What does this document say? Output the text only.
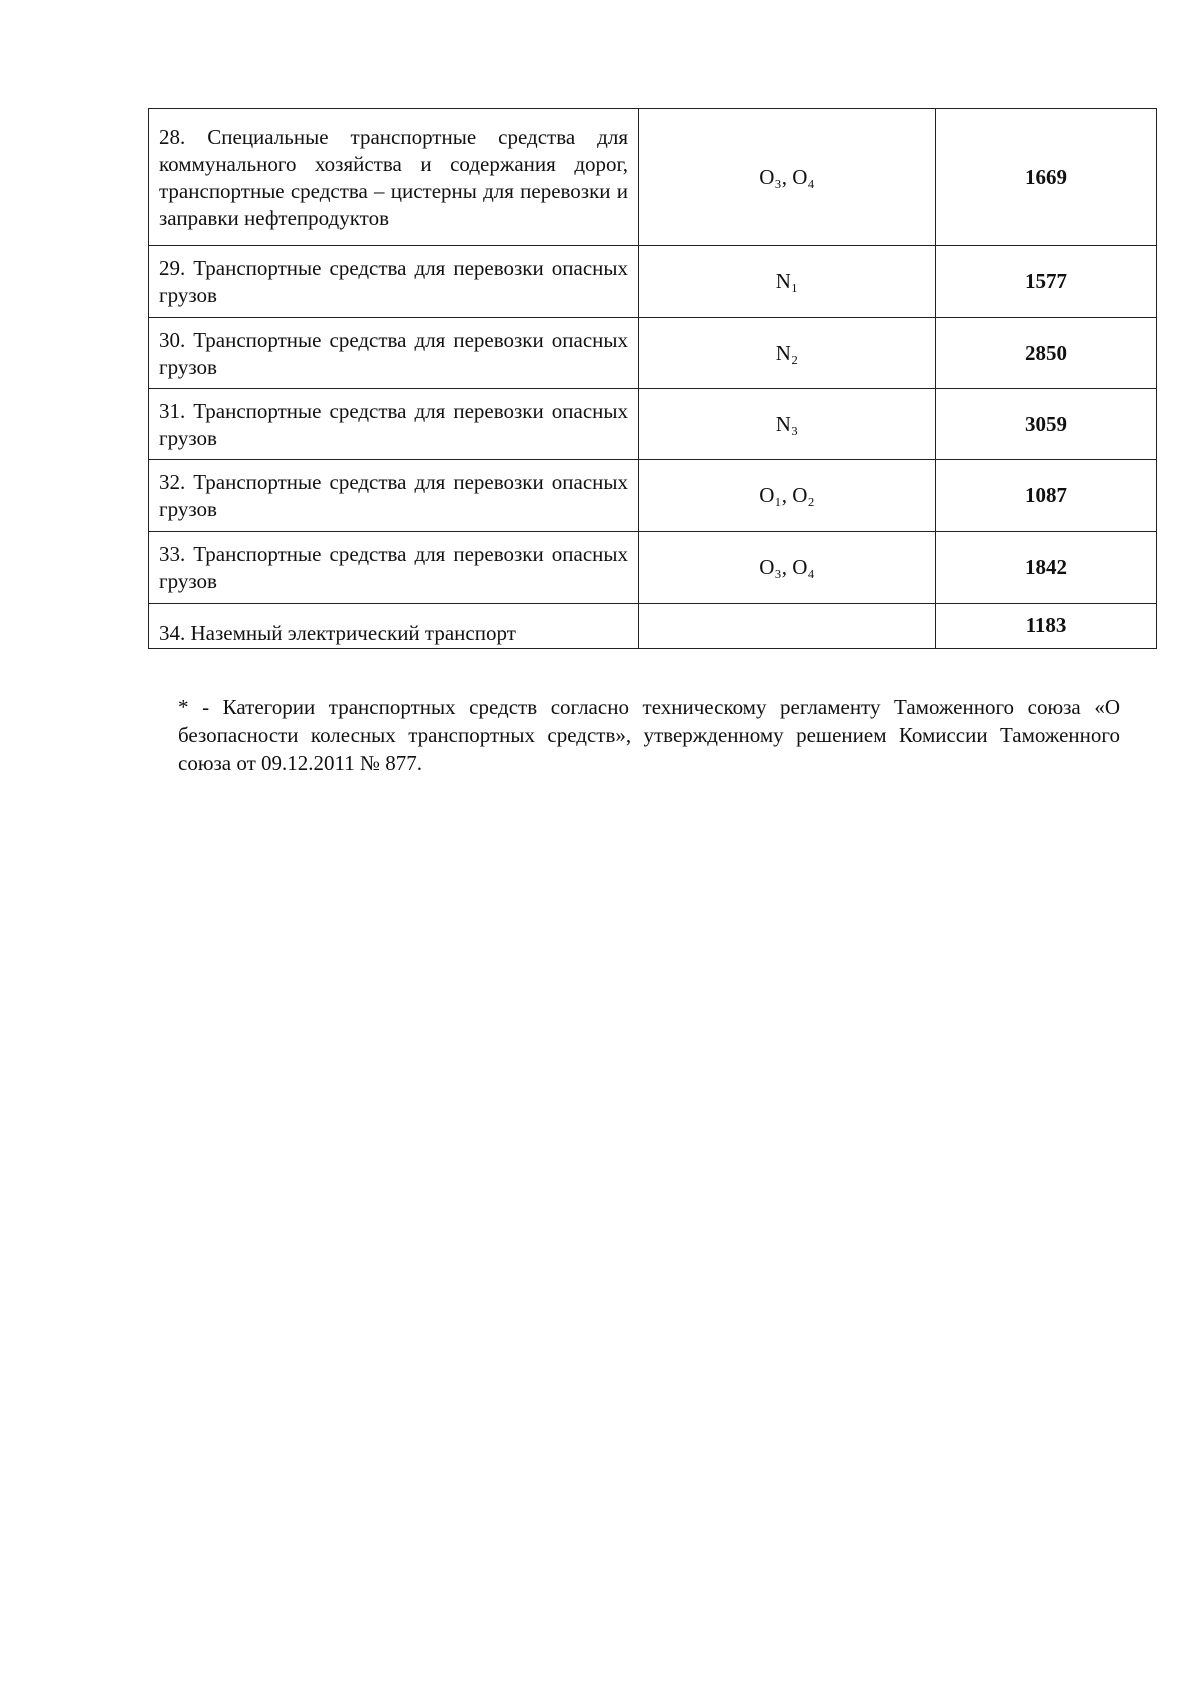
28. Специальные транспортные средства для коммунального хозяйства и содержания дорог, транспортные средства – цистерны для перевозки и заправки нефтепродуктов	O₃, O₄	1669
29. Транспортные средства для перевозки опасных грузов	N₁	1577
30. Транспортные средства для перевозки опасных грузов	N₂	2850
31. Транспортные средства для перевозки опасных грузов	N₃	3059
32. Транспортные средства для перевозки опасных грузов	O₁, O₂	1087
33. Транспортные средства для перевозки опасных грузов	O₃, O₄	1842
34. Наземный электрический транспорт		1183

* - Категории транспортных средств согласно техническому регламенту Таможенного союза «О безопасности колесных транспортных средств», утвержденному решением Комиссии Таможенного союза от 09.12.2011 № 877.
